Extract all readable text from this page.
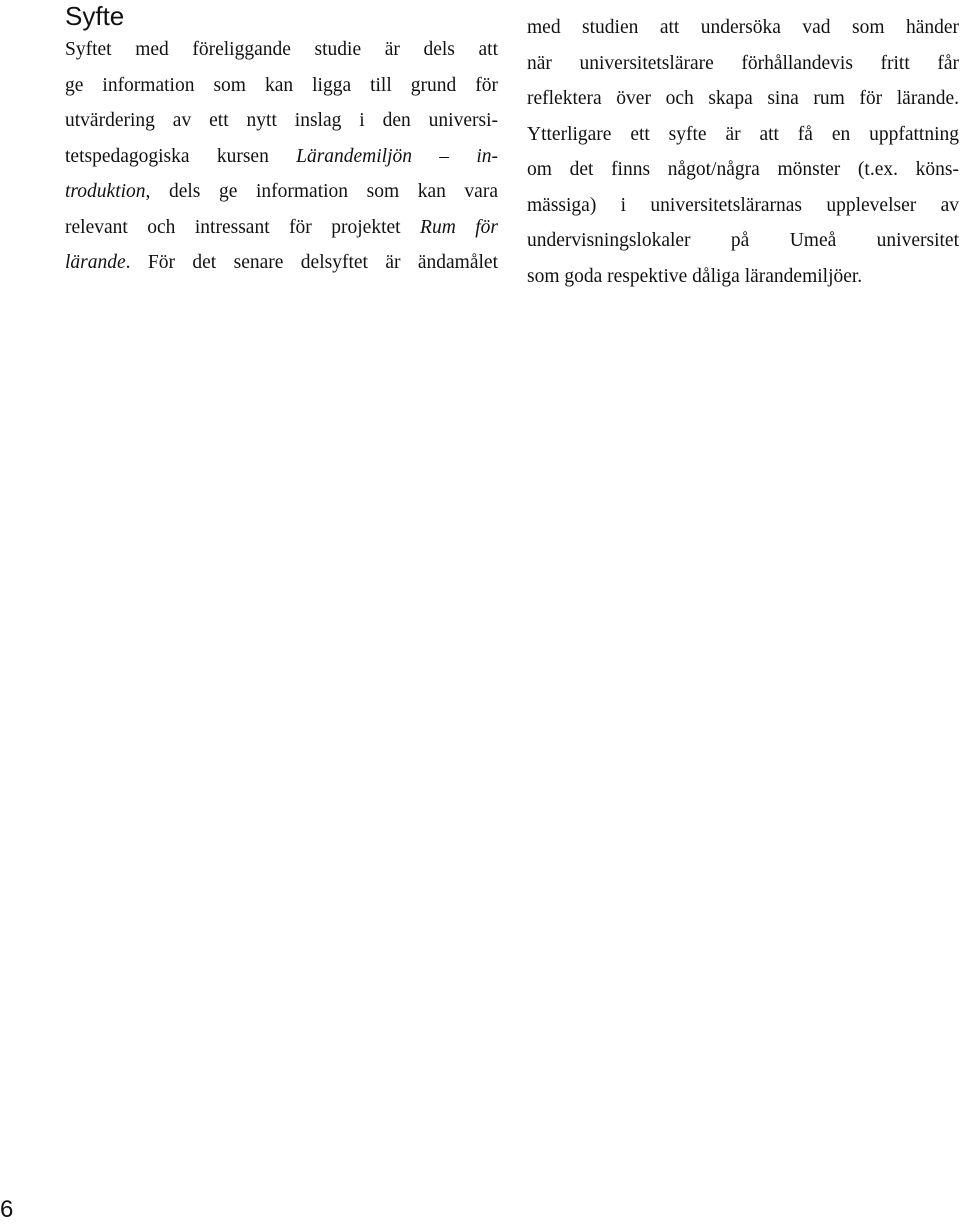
Syfte
Syftet med föreliggande studie är dels att
ge information som kan ligga till grund för
utvärdering av ett nytt inslag i den universi-
tetspedagogiska kursen Lärandemiljön – in-
troduktion, dels ge information som kan vara
relevant och intressant för projektet Rum för
lärande. För det senare delsyftet är ändamålet
med studien att undersöka vad som händer
när universitetslärare förhållandevis fritt får
reflektera över och skapa sina rum för lärande.
Ytterligare ett syfte är att få en uppfattning
om det finns något/några mönster (t.ex. köns-
mässiga) i universitetslärarnas upplevelser av
undervisningslokaler på Umeå universitet
som goda respektive dåliga lärandemiljöer.
6
